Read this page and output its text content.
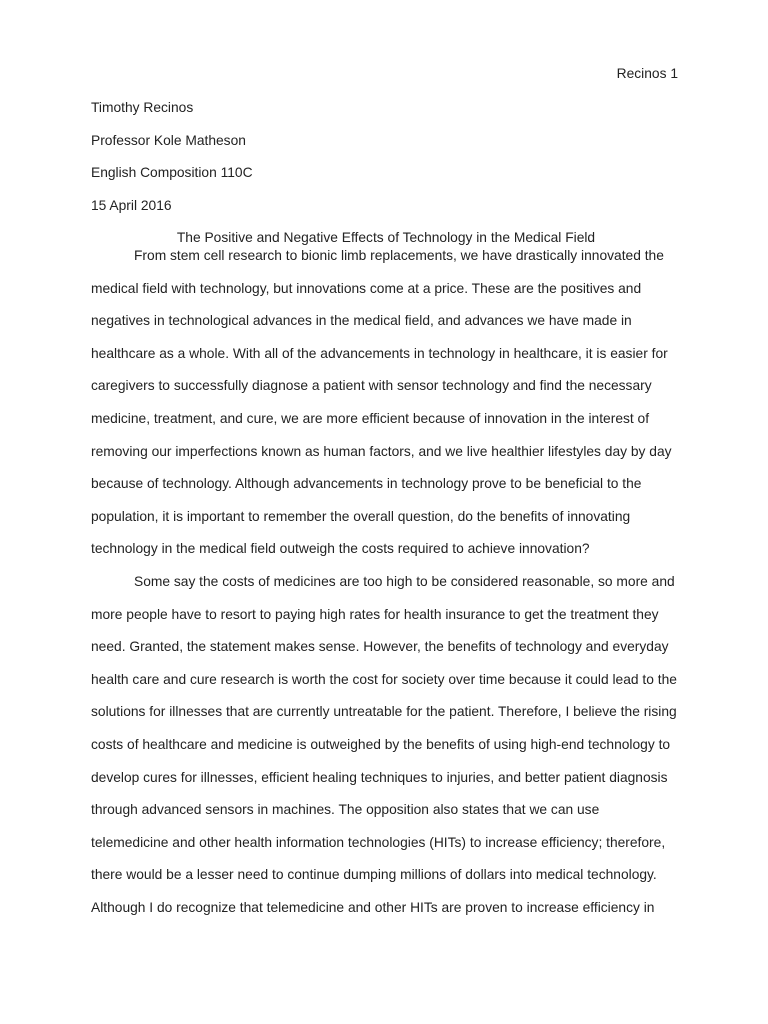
Recinos 1
Timothy Recinos
Professor Kole Matheson
English Composition 110C
15 April 2016
The Positive and Negative Effects of Technology in the Medical Field
From stem cell research to bionic limb replacements, we have drastically innovated the
medical field with technology, but innovations come at a price. These are the positives and
negatives in technological advances in the medical field, and advances we have made in
healthcare as a whole. With all of the advancements in technology in healthcare, it is easier for
caregivers to successfully diagnose a patient with sensor technology and find the necessary
medicine, treatment, and cure, we are more efficient because of innovation in the interest of
removing our imperfections known as human factors, and we live healthier lifestyles day by day
because of technology. Although advancements in technology prove to be beneficial to the
population, it is important to remember the overall question, do the benefits of innovating
technology in the medical field outweigh the costs required to achieve innovation?
Some say the costs of medicines are too high to be considered reasonable, so more and
more people have to resort to paying high rates for health insurance to get the treatment they
need. Granted, the statement makes sense. However, the benefits of technology and everyday
health care and cure research is worth the cost for society over time because it could lead to the
solutions for illnesses that are currently untreatable for the patient. Therefore, I believe the rising
costs of healthcare and medicine is outweighed by the benefits of using high-end technology to
develop cures for illnesses, efficient healing techniques to injuries, and better patient diagnosis
through advanced sensors in machines. The opposition also states that we can use
telemedicine and other health information technologies (HITs) to increase efficiency; therefore,
there would be a lesser need to continue dumping millions of dollars into medical technology.
Although I do recognize that telemedicine and other HITs are proven to increase efficiency in
